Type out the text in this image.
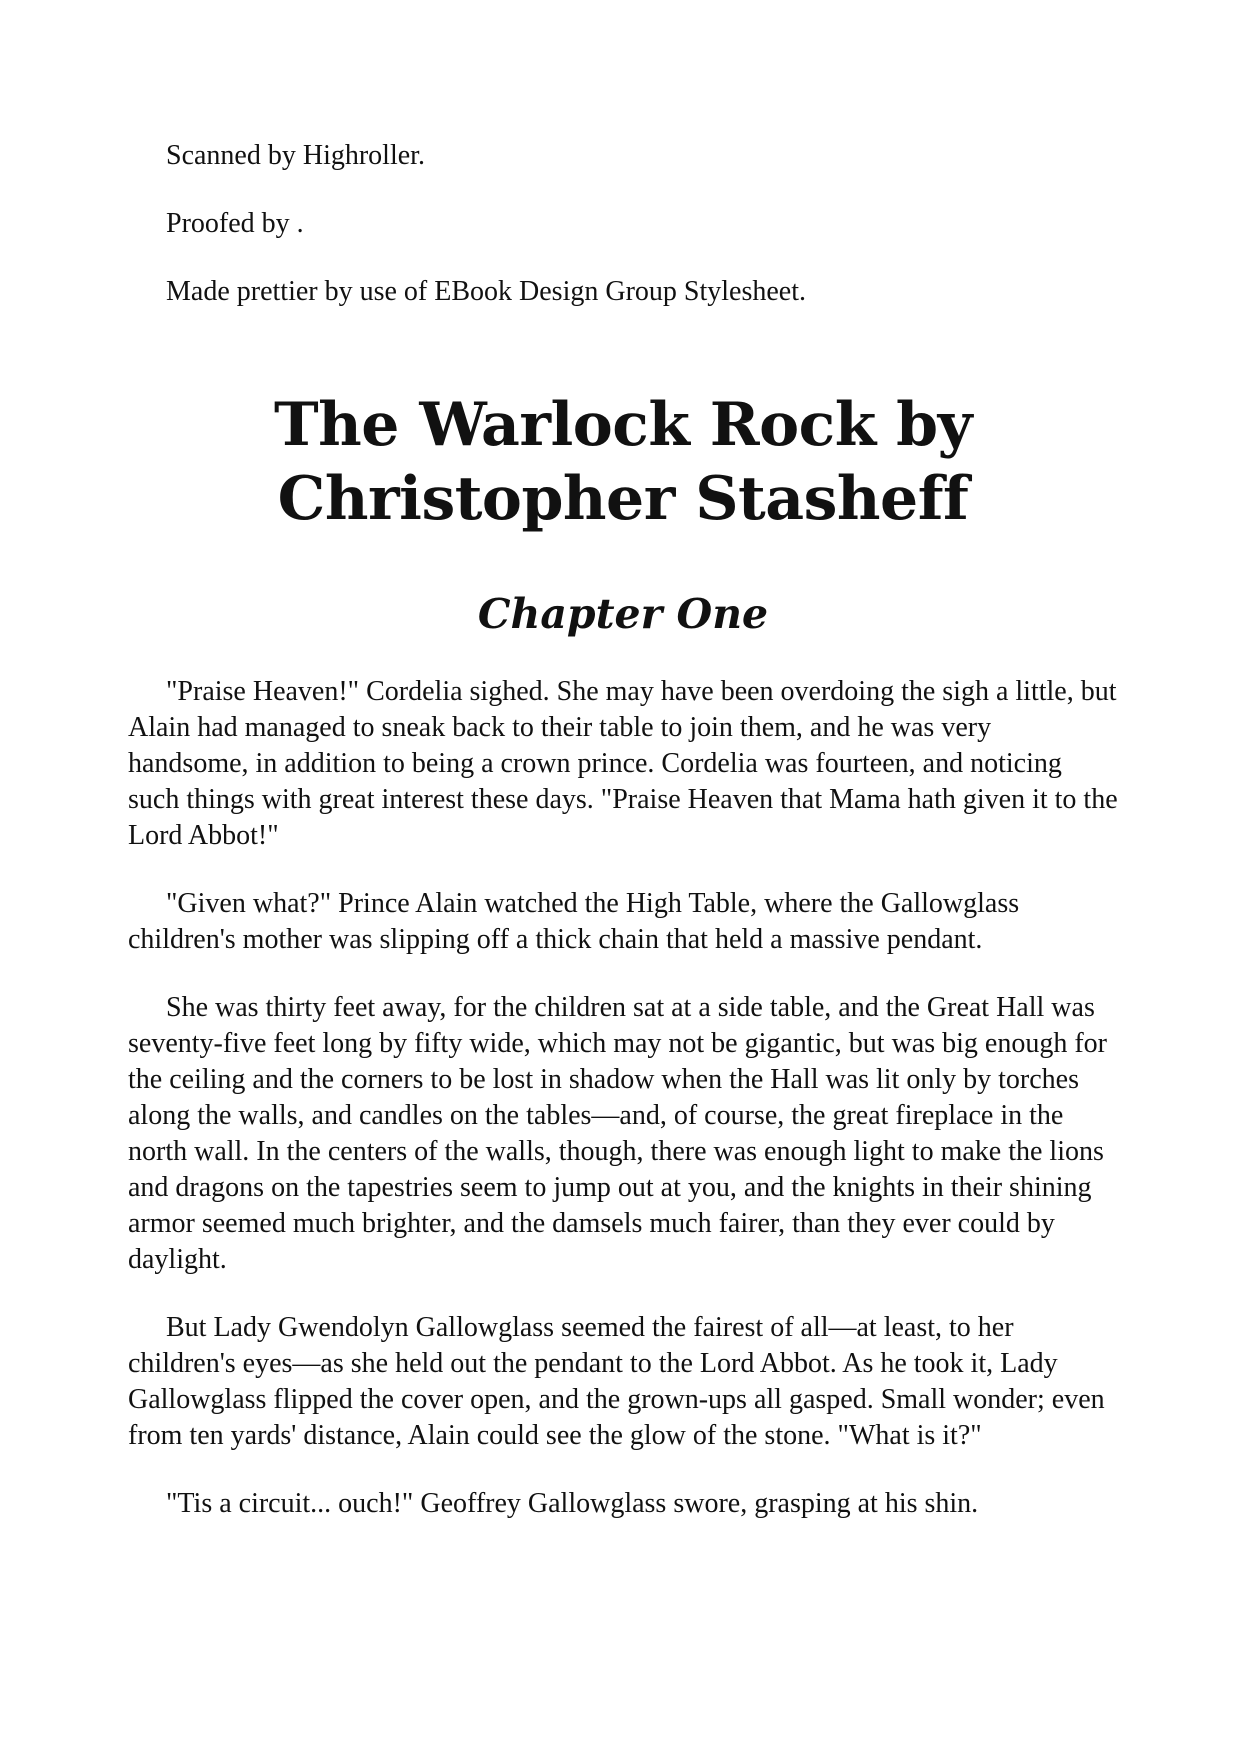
Scanned by Highroller.
Proofed by .
Made prettier by use of EBook Design Group Stylesheet.
The Warlock Rock by
Christopher Stasheff
Chapter One

"Praise Heaven!" Cordelia sighed. She may have been overdoing the sigh a little, but Alain had managed to sneak back to their table to join them, and he was very handsome, in addition to being a crown prince. Cordelia was fourteen, and noticing such things with great interest these days. "Praise Heaven that Mama hath given it to the Lord Abbot!"

"Given what?" Prince Alain watched the High Table, where the Gallowglass children's mother was slipping off a thick chain that held a massive pendant.

She was thirty feet away, for the children sat at a side table, and the Great Hall was seventy-five feet long by fifty wide, which may not be gigantic, but was big enough for the ceiling and the corners to be lost in shadow when the Hall was lit only by torches along the walls, and candles on the tables—and, of course, the great fireplace in the north wall. In the centers of the walls, though, there was enough light to make the lions and dragons on the tapestries seem to jump out at you, and the knights in their shining armor seemed much brighter, and the damsels much fairer, than they ever could by daylight.

But Lady Gwendolyn Gallowglass seemed the fairest of all—at least, to her children's eyes—as she held out the pendant to the Lord Abbot. As he took it, Lady Gallowglass flipped the cover open, and the grown-ups all gasped. Small wonder; even from ten yards' distance, Alain could see the glow of the stone. "What is it?"

"Tis a circuit... ouch!" Geoffrey Gallowglass swore, grasping at his shin.
